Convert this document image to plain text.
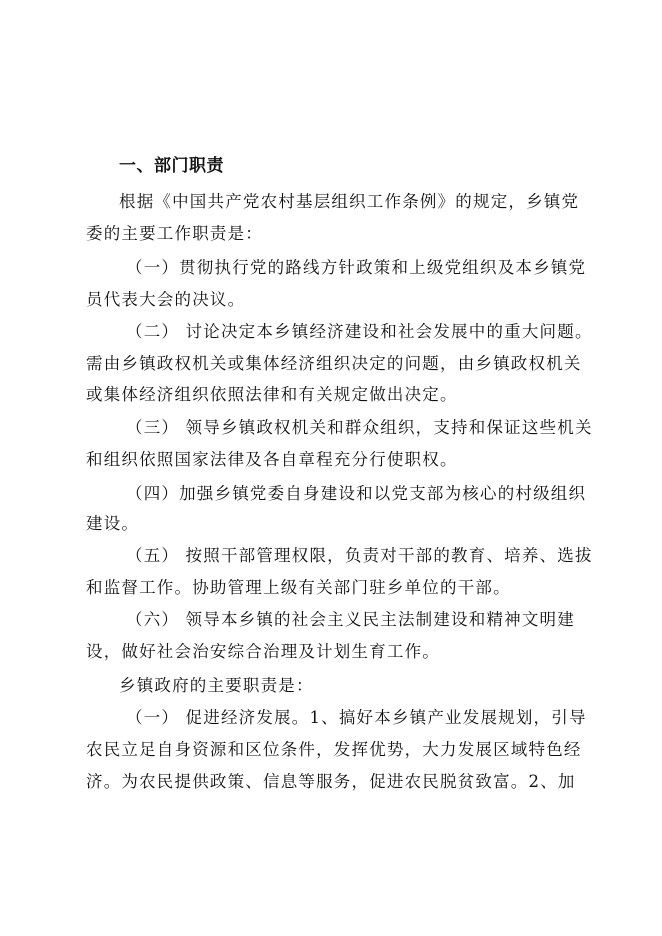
一、部门职责
根据《中国共产党农村基层组织工作条例》的规定，乡镇党
委的主要工作职责是：
（一）贯彻执行党的路线方针政策和上级党组织及本乡镇党
员代表大会的决议。
（二） 讨论决定本乡镇经济建设和社会发展中的重大问题。
需由乡镇政权机关或集体经济组织决定的问题，由乡镇政权机关
或集体经济组织依照法律和有关规定做出决定。
（三） 领导乡镇政权机关和群众组织，支持和保证这些机关
和组织依照国家法律及各自章程充分行使职权。
（四）加强乡镇党委自身建设和以党支部为核心的村级组织
建设。
（五） 按照干部管理权限，负责对干部的教育、培养、选拔
和监督工作。协助管理上级有关部门驻乡单位的干部。
（六） 领导本乡镇的社会主义民主法制建设和精神文明建
设，做好社会治安综合治理及计划生育工作。
乡镇政府的主要职责是：
（一） 促进经济发展。1、搞好本乡镇产业发展规划，引导
农民立足自身资源和区位条件，发挥优势，大力发展区域特色经
济。为农民提供政策、信息等服务，促进农民脱贫致富。2、加
